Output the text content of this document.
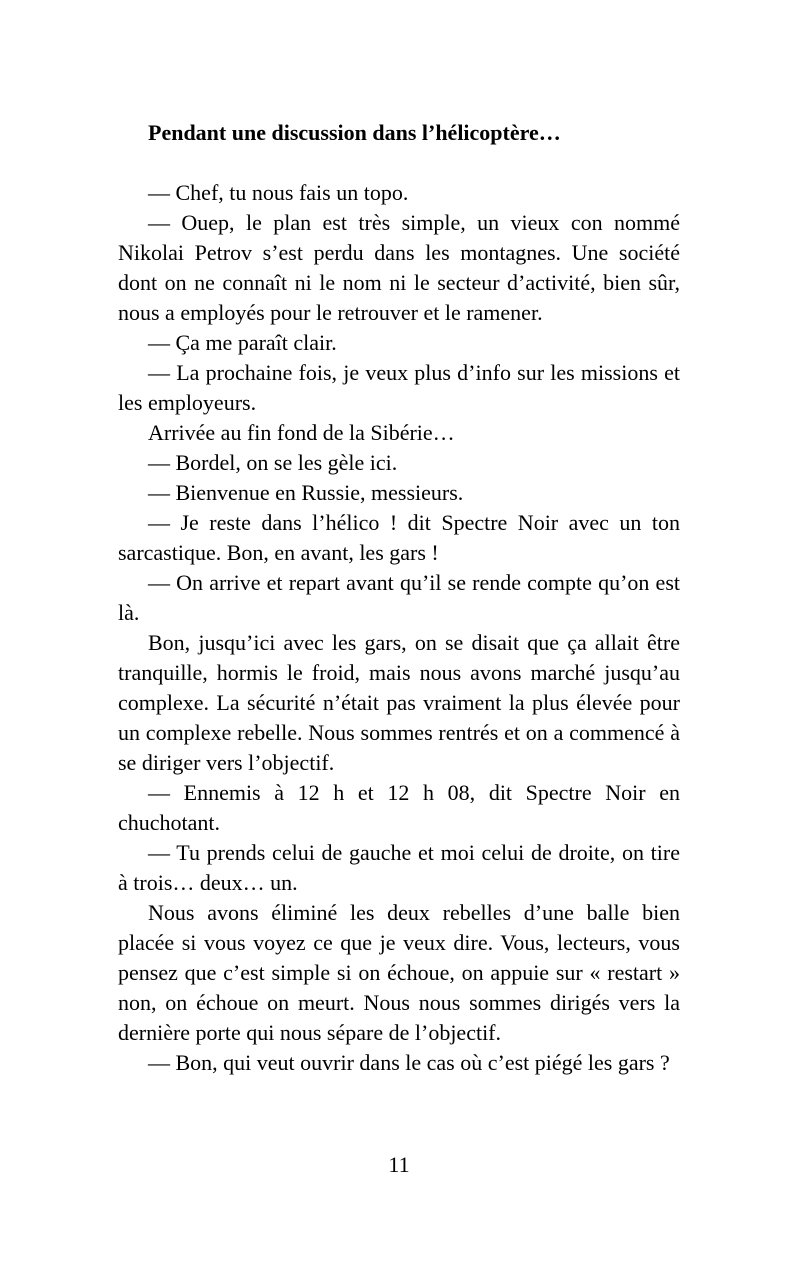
Pendant une discussion dans l’hélicoptère…

— Chef, tu nous fais un topo.

— Ouep, le plan est très simple, un vieux con nommé Nikolai Petrov s’est perdu dans les montagnes. Une société dont on ne connaît ni le nom ni le secteur d’activité, bien sûr, nous a employés pour le retrouver et le ramener.

— Ça me paraît clair.

— La prochaine fois, je veux plus d’info sur les missions et les employeurs.

Arrivée au fin fond de la Sibérie…

— Bordel, on se les gèle ici.

— Bienvenue en Russie, messieurs.

— Je reste dans l’hélico ! dit Spectre Noir avec un ton sarcastique. Bon, en avant, les gars !

— On arrive et repart avant qu’il se rende compte qu’on est là.

Bon, jusqu’ici avec les gars, on se disait que ça allait être tranquille, hormis le froid, mais nous avons marché jusqu’au complexe. La sécurité n’était pas vraiment la plus élevée pour un complexe rebelle. Nous sommes rentrés et on a commencé à se diriger vers l’objectif.

— Ennemis à 12 h et 12 h 08, dit Spectre Noir en chuchotant.

— Tu prends celui de gauche et moi celui de droite, on tire à trois… deux… un.

Nous avons éliminé les deux rebelles d’une balle bien placée si vous voyez ce que je veux dire. Vous, lecteurs, vous pensez que c’est simple si on échoue, on appuie sur « restart » non, on échoue on meurt. Nous nous sommes dirigés vers la dernière porte qui nous sépare de l’objectif.

— Bon, qui veut ouvrir dans le cas où c’est piégé les gars ?

11
